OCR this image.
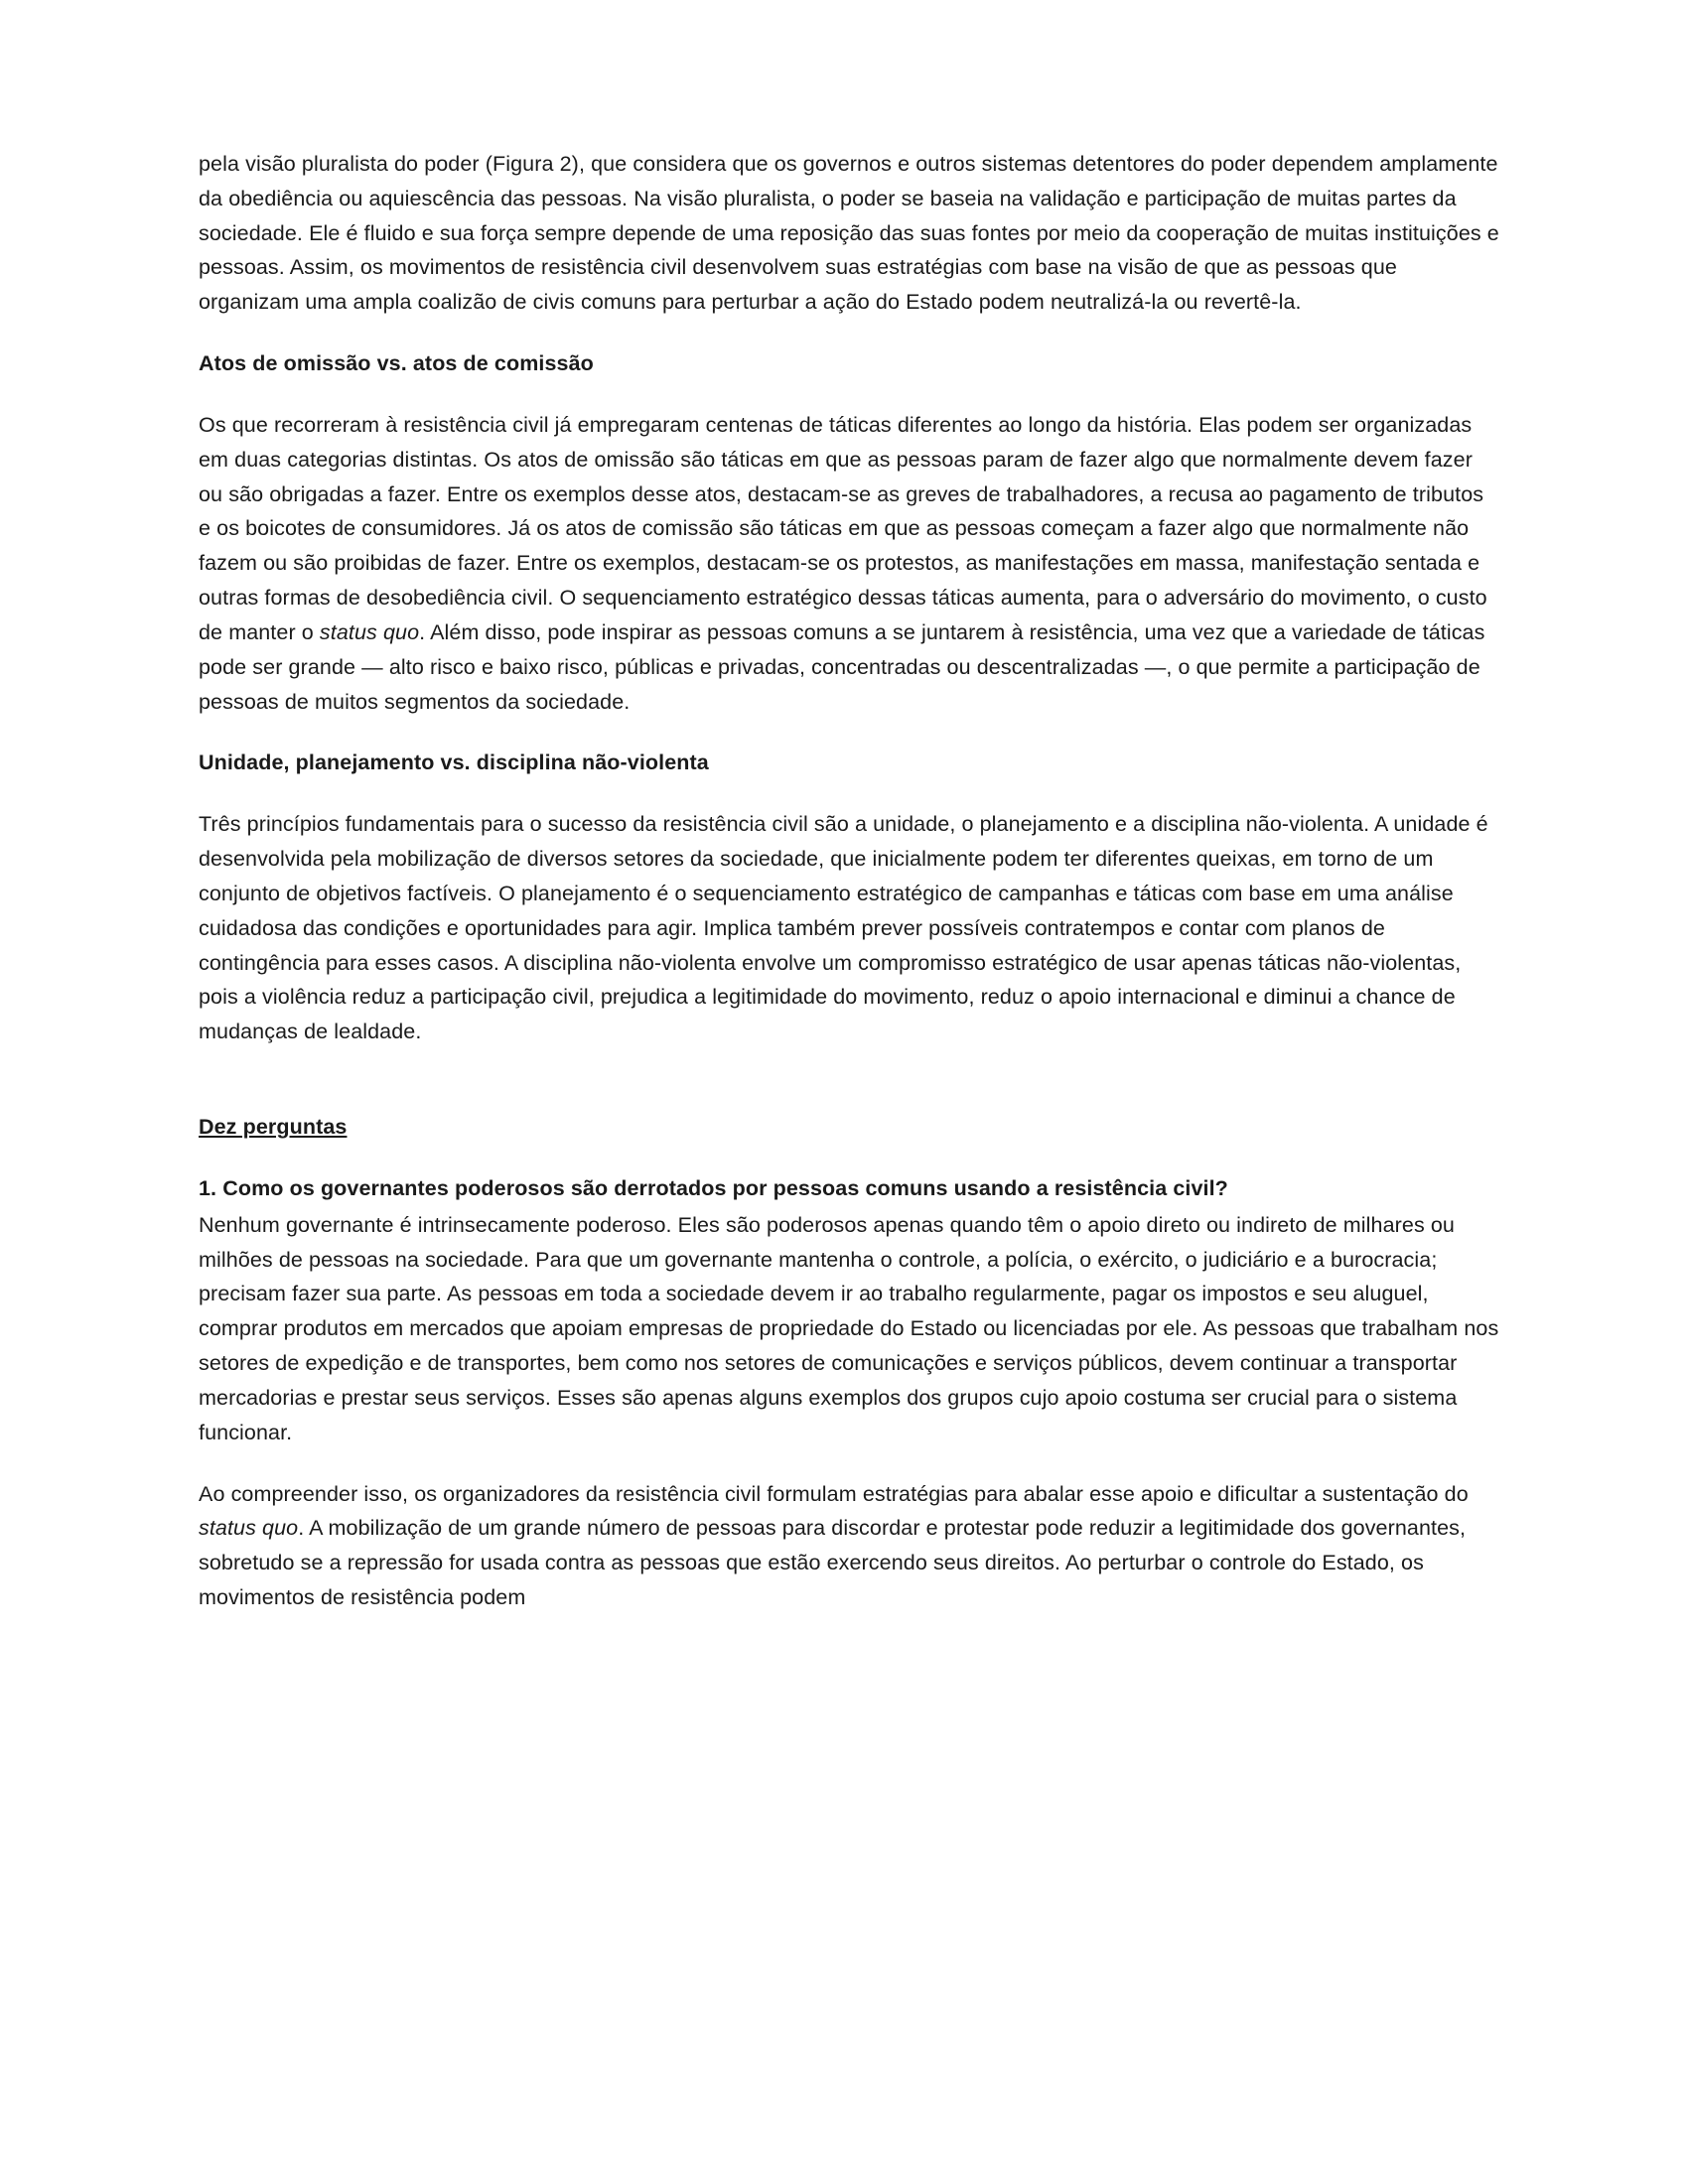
pela visão pluralista do poder (Figura 2), que considera que os governos e outros sistemas detentores do poder dependem amplamente da obediência ou aquiescência das pessoas. Na visão pluralista, o poder se baseia na validação e participação de muitas partes da sociedade. Ele é fluido e sua força sempre depende de uma reposição das suas fontes por meio da cooperação de muitas instituições e pessoas. Assim, os movimentos de resistência civil desenvolvem suas estratégias com base na visão de que as pessoas que organizam uma ampla coalizão de civis comuns para perturbar a ação do Estado podem neutralizá-la ou revertê-la.

Atos de omissão vs. atos de comissão

Os que recorreram à resistência civil já empregaram centenas de táticas diferentes ao longo da história. Elas podem ser organizadas em duas categorias distintas. Os atos de omissão são táticas em que as pessoas param de fazer algo que normalmente devem fazer ou são obrigadas a fazer. Entre os exemplos desse atos, destacam-se as greves de trabalhadores, a recusa ao pagamento de tributos e os boicotes de consumidores. Já os atos de comissão são táticas em que as pessoas começam a fazer algo que normalmente não fazem ou são proibidas de fazer. Entre os exemplos, destacam-se os protestos, as manifestações em massa, manifestação sentada e outras formas de desobediência civil. O sequenciamento estratégico dessas táticas aumenta, para o adversário do movimento, o custo de manter o status quo. Além disso, pode inspirar as pessoas comuns a se juntarem à resistência, uma vez que a variedade de táticas pode ser grande — alto risco e baixo risco, públicas e privadas, concentradas ou descentralizadas —, o que permite a participação de pessoas de muitos segmentos da sociedade.

Unidade, planejamento vs. disciplina não-violenta

Três princípios fundamentais para o sucesso da resistência civil são a unidade, o planejamento e a disciplina não-violenta. A unidade é desenvolvida pela mobilização de diversos setores da sociedade, que inicialmente podem ter diferentes queixas, em torno de um conjunto de objetivos factíveis. O planejamento é o sequenciamento estratégico de campanhas e táticas com base em uma análise cuidadosa das condições e oportunidades para agir. Implica também prever possíveis contratempos e contar com planos de contingência para esses casos. A disciplina não-violenta envolve um compromisso estratégico de usar apenas táticas não-violentas, pois a violência reduz a participação civil, prejudica a legitimidade do movimento, reduz o apoio internacional e diminui a chance de mudanças de lealdade.

Dez perguntas
1. Como os governantes poderosos são derrotados por pessoas comuns usando a resistência civil?

Nenhum governante é intrinsecamente poderoso. Eles são poderosos apenas quando têm o apoio direto ou indireto de milhares ou milhões de pessoas na sociedade. Para que um governante mantenha o controle, a polícia, o exército, o judiciário e a burocracia; precisam fazer sua parte. As pessoas em toda a sociedade devem ir ao trabalho regularmente, pagar os impostos e seu aluguel, comprar produtos em mercados que apoiam empresas de propriedade do Estado ou licenciadas por ele. As pessoas que trabalham nos setores de expedição e de transportes, bem como nos setores de comunicações e serviços públicos, devem continuar a transportar mercadorias e prestar seus serviços. Esses são apenas alguns exemplos dos grupos cujo apoio costuma ser crucial para o sistema funcionar.

Ao compreender isso, os organizadores da resistência civil formulam estratégias para abalar esse apoio e dificultar a sustentação do status quo. A mobilização de um grande número de pessoas para discordar e protestar pode reduzir a legitimidade dos governantes, sobretudo se a repressão for usada contra as pessoas que estão exercendo seus direitos. Ao perturbar o controle do Estado, os movimentos de resistência podem
